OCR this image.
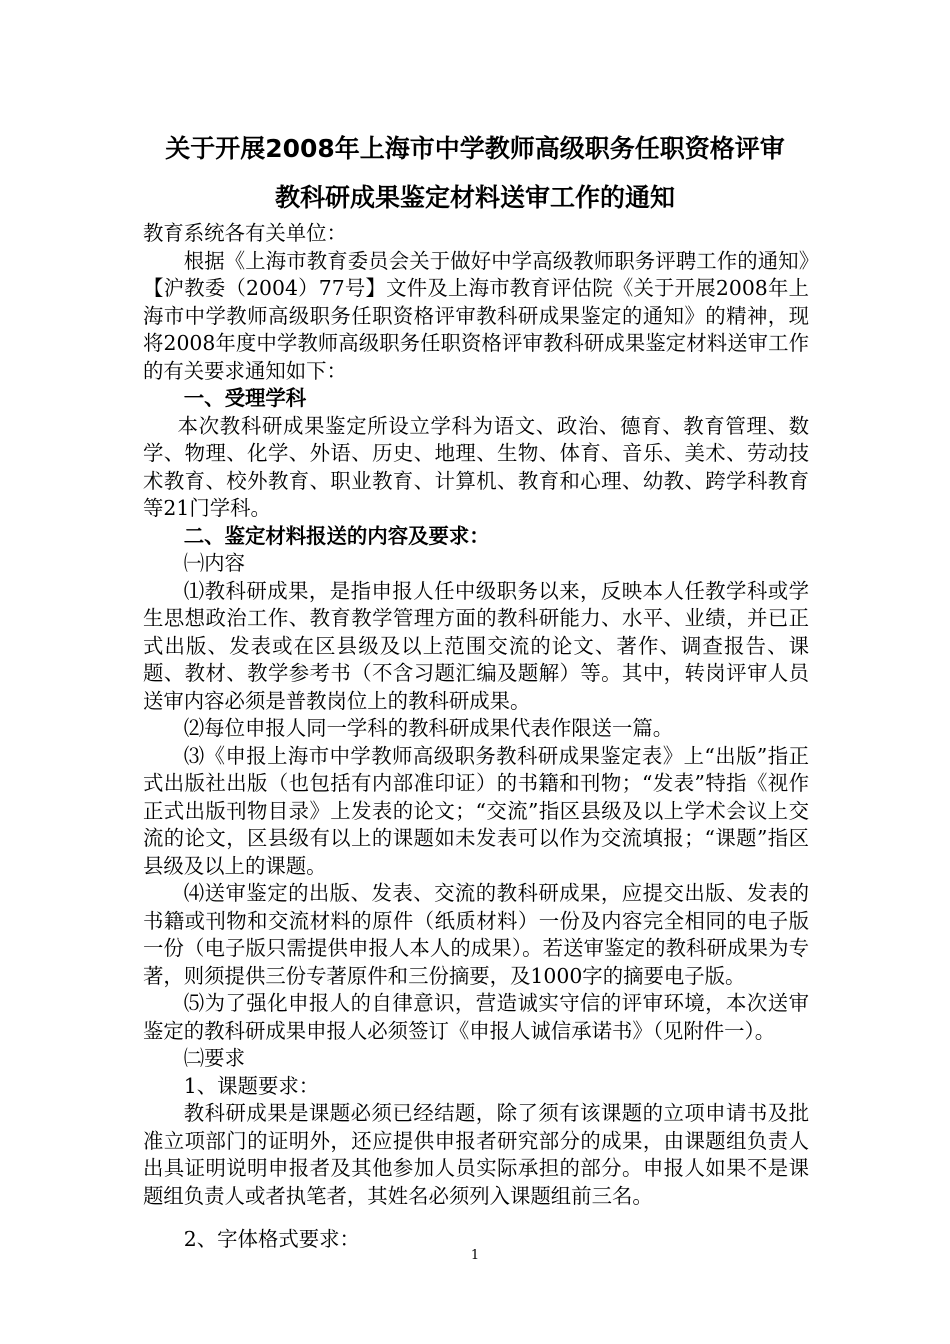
关于开展2008年上海市中学教师高级职务任职资格评审
教科研成果鉴定材料送审工作的通知

教育系统各有关单位：

根据《上海市教育委员会关于做好中学高级教师职务评聘工作的通知》【沪教委（2004）77号】文件及上海市教育评估院《关于开展2008年上海市中学教师高级职务任职资格评审教科研成果鉴定的通知》的精神，现将2008年度中学教师高级职务任职资格评审教科研成果鉴定材料送审工作的有关要求通知如下：

一、受理学科

本次教科研成果鉴定所设立学科为语文、政治、德育、教育管理、数学、物理、化学、外语、历史、地理、生物、体育、音乐、美术、劳动技术教育、校外教育、职业教育、计算机、教育和心理、幼教、跨学科教育等21门学科。

二、鉴定材料报送的内容及要求：

㈠内容

⑴教科研成果，是指申报人任中级职务以来，反映本人任教学科或学生思想政治工作、教育教学管理方面的教科研能力、水平、业绩，并已正式出版、发表或在区县级及以上范围交流的论文、著作、调查报告、课题、教材、教学参考书（不含习题汇编及题解）等。其中，转岗评审人员送审内容必须是普教岗位上的教科研成果。

⑵每位申报人同一学科的教科研成果代表作限送一篇。

⑶《申报上海市中学教师高级职务教科研成果鉴定表》上“出版”指正式出版社出版（也包括有内部准印证）的书籍和刊物；“发表”特指《视作正式出版刊物目录》上发表的论文；“交流”指区县级及以上学术会议上交流的论文，区县级有以上的课题如未发表可以作为交流填报；“课题”指区县级及以上的课题。

⑷送审鉴定的出版、发表、交流的教科研成果，应提交出版、发表的书籍或刊物和交流材料的原件（纸质材料）一份及内容完全相同的电子版一份（电子版只需提供申报人本人的成果）。若送审鉴定的教科研成果为专著，则须提供三份专著原件和三份摘要，及1000字的摘要电子版。

⑸为了强化申报人的自律意识，营造诚实守信的评审环境，本次送审鉴定的教科研成果申报人必须签订《申报人诚信承诺书》（见附件一）。

㈡要求

1、课题要求：

教科研成果是课题必须已经结题，除了须有该课题的立项申请书及批准立项部门的证明外，还应提供申报者研究部分的成果，由课题组负责人出具证明说明申报者及其他参加人员实际承担的部分。申报人如果不是课题组负责人或者执笔者，其姓名必须列入课题组前三名。

2、字体格式要求：

1
